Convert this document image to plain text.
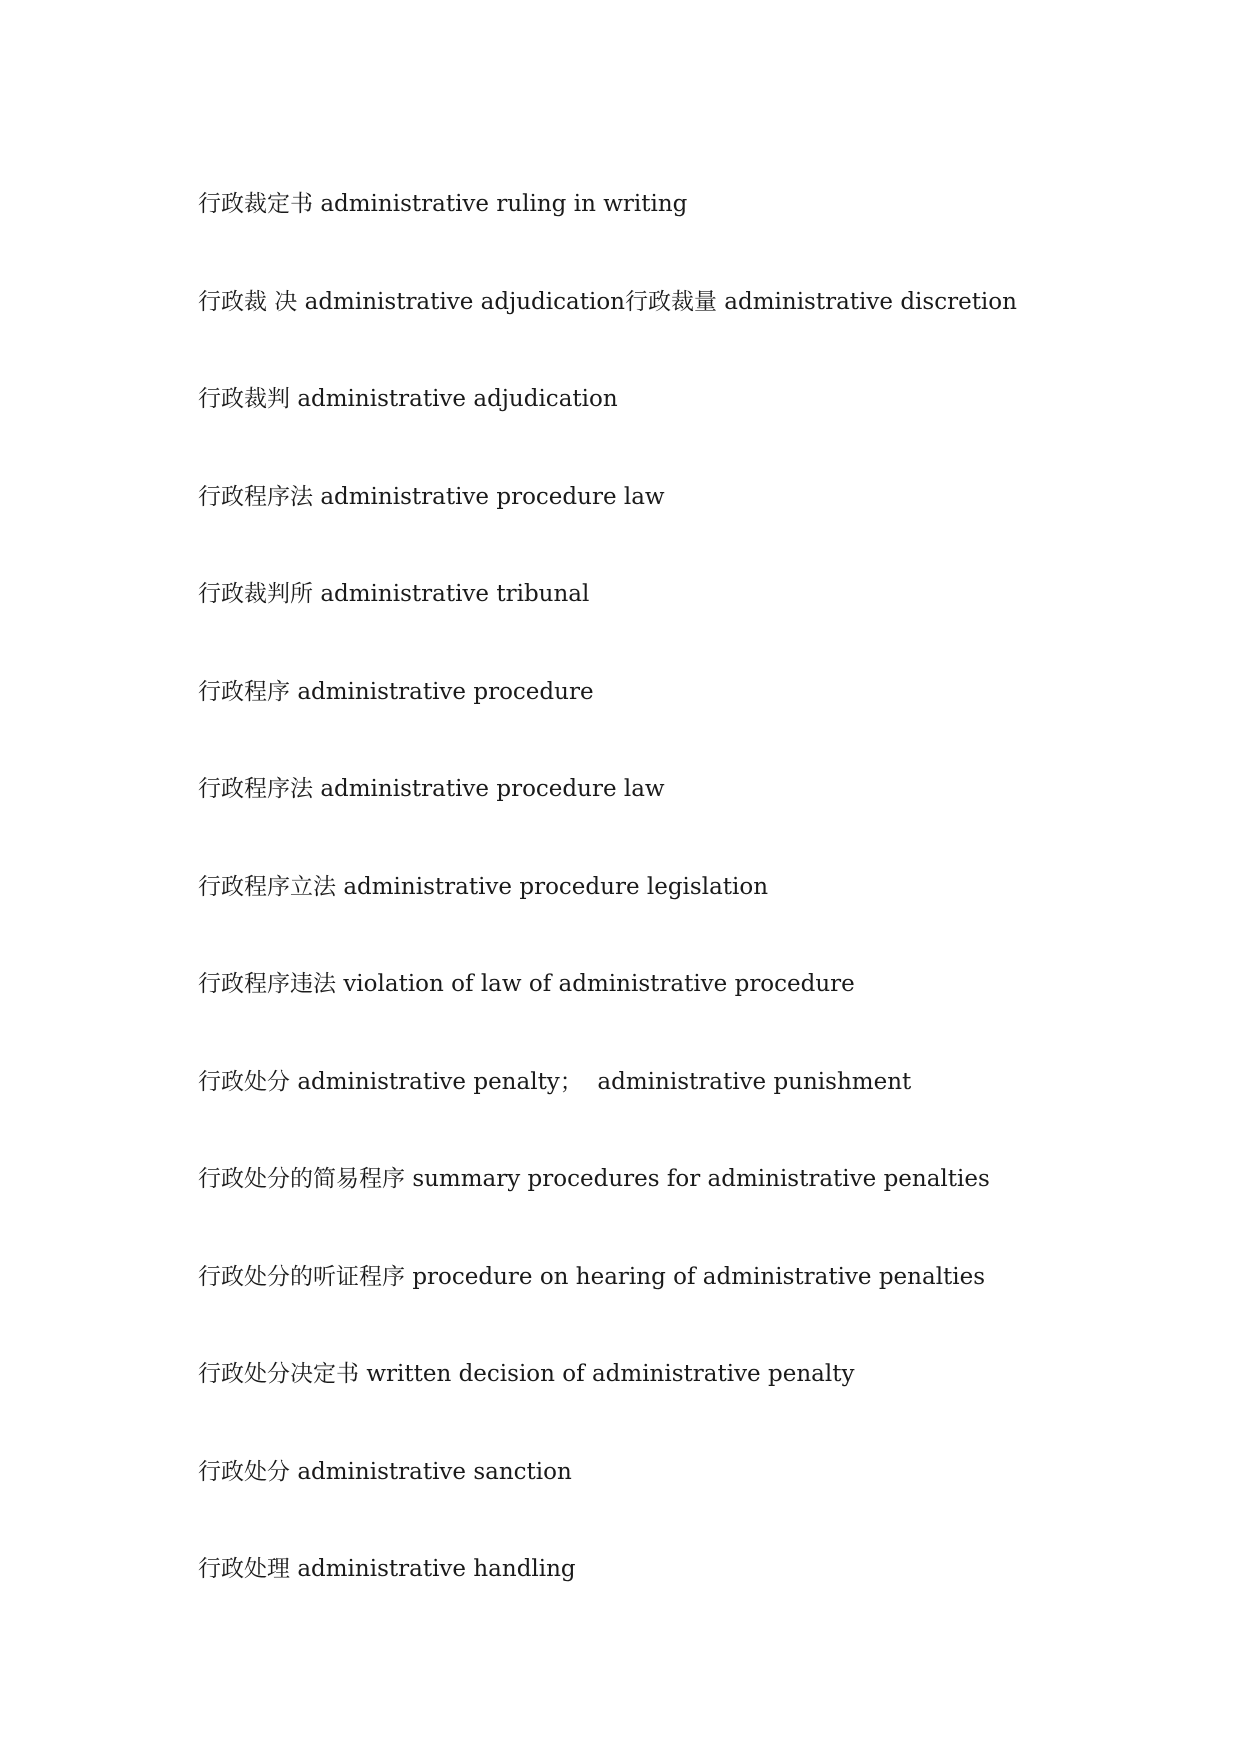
行政裁定书 administrative ruling in writing
行政裁 决 administrative adjudication行政裁量 administrative discretion
行政裁判 administrative adjudication
行政程序法 administrative procedure law
行政裁判所 administrative tribunal
行政程序 administrative procedure
行政程序法 administrative procedure law
行政程序立法 administrative procedure legislation
行政程序违法 violation of law of administrative procedure
行政处分 administrative penalty；  administrative punishment
行政处分的简易程序 summary procedures for administrative penalties
行政处分的听证程序 procedure on hearing of administrative penalties
行政处分决定书 written decision of administrative penalty
行政处分 administrative sanction
行政处理 administrative handling
